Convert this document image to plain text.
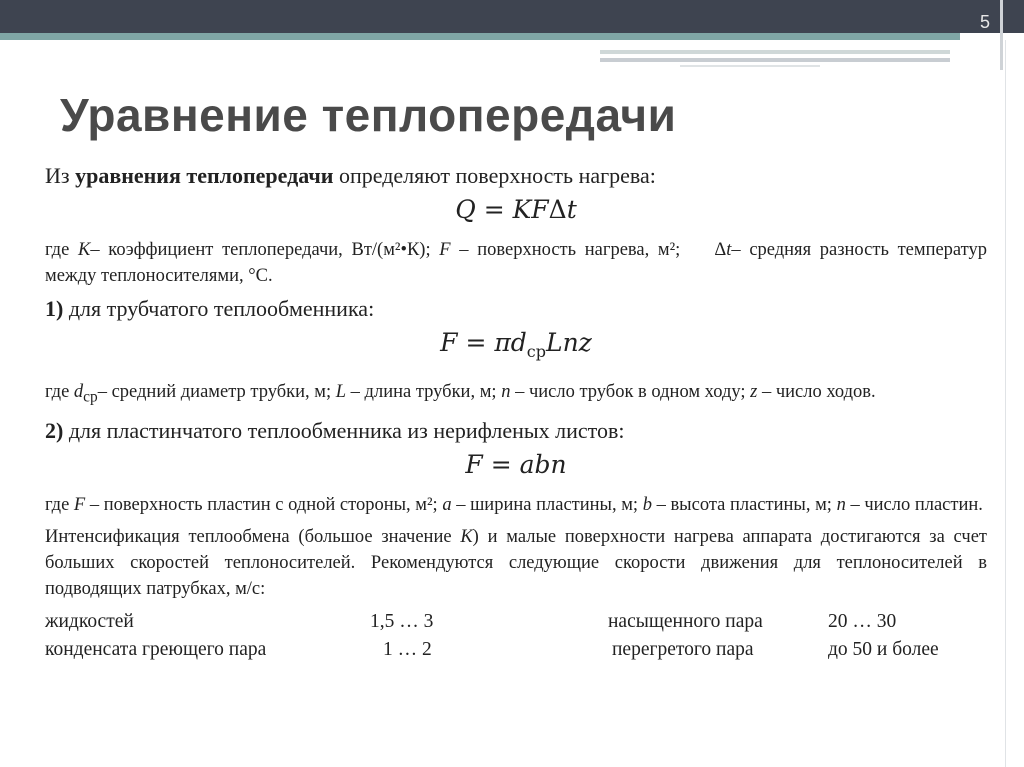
5
Уравнение теплопередачи

Из уравнения теплопередачи определяют поверхность нагрева:

Q = KFΔt

где K– коэффициент теплопередачи, Вт/(м²•К); F – поверхность нагрева, м²; Δt– средняя разность температур между теплоносителями, °С.

1) для трубчатого теплообменника:

$F = \pi d_{ср}Lnz$

где $d_{ср}-$ средний диаметр трубки, м; L – длина трубки, м; n – число трубок в одном ходу; z – число ходов.

2) для пластинчатого теплообменника из нерифленых листов:

F = abn

где F – поверхность пластин с одной стороны, м²; a – ширина пластины, м; b – высота пластины, м; n – число пластин.

Интенсификация теплообмена (большое значение K) и малые поверхности нагрева аппарата достигаются за счет больших скоростей теплоносителей. Рекомендуются следующие скорости движения для теплоносителей в подводящих патрубках, м/с:

жидкостей	1,5 … 3	насыщенного пара	20 … 30
конденсата греющего пара	1 … 2	перегретого пара	до 50 и более
